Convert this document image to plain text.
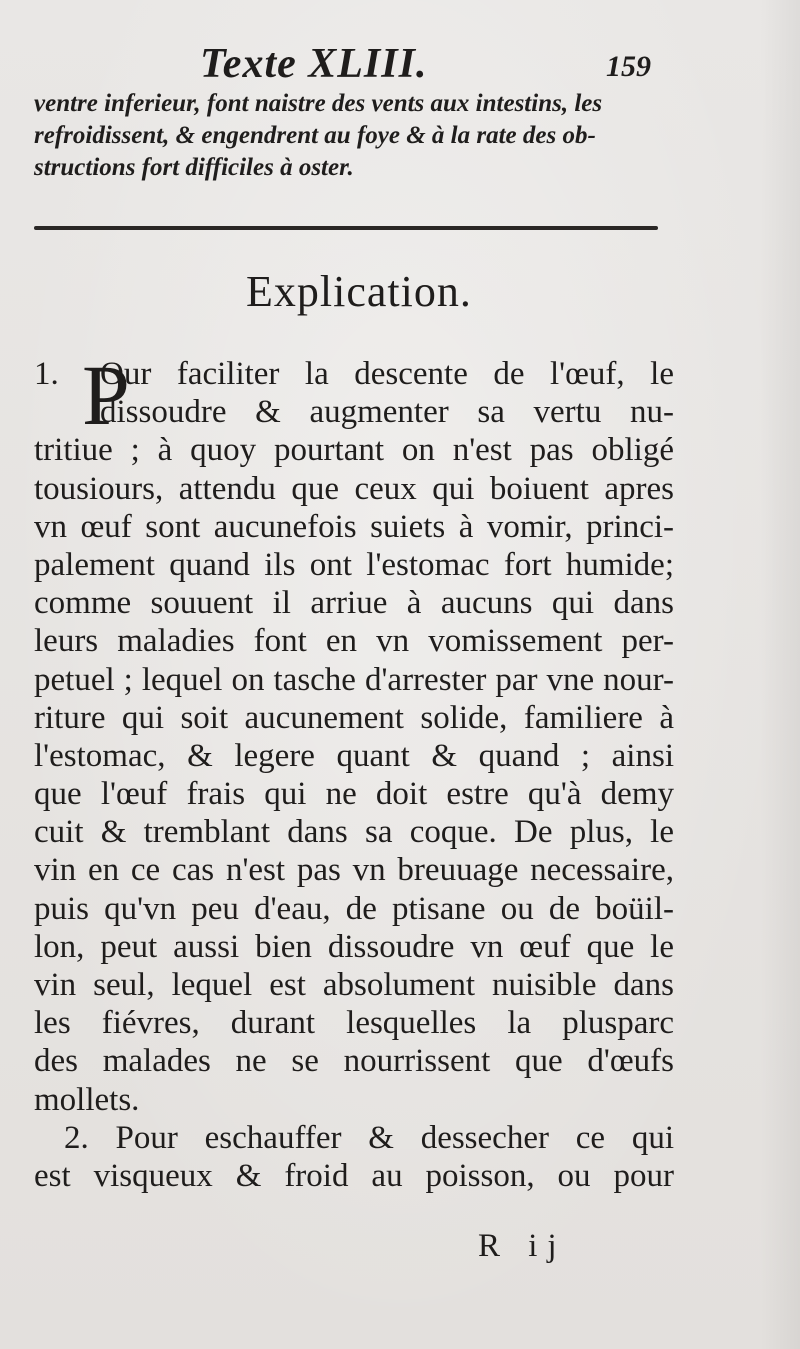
Texte XLIII.	159
ventre inferieur, font naistre des vents aux intestins, les
refroidissent, & engendrent au foye & à la rate des ob-
structions fort difficiles à oster.
Explication.
1. P
Our faciliter la descente de l'œuf, le
dissoudre & augmenter sa vertu nu-
tritiue ; à quoy pourtant on n'est pas obligé
tousiours, attendu que ceux qui boiuent apres
vn œuf sont aucunefois suiets à vomir, princi-
palement quand ils ont l'estomac fort humide;
comme souuent il arriue à aucuns qui dans
leurs maladies font en vn vomissement per-
petuel ; lequel on tasche d'arrester par vne nour-
riture qui soit aucunement solide, familiere à
l'estomac, & legere quant & quand ; ainsi
que l'œuf frais qui ne doit estre qu'à demy
cuit & tremblant dans sa coque. De plus, le
vin en ce cas n'est pas vn breuuage necessaire,
puis qu'vn peu d'eau, de ptisane ou de boüil-
lon, peut aussi bien dissoudre vn œuf que le
vin seul, lequel est absolument nuisible dans
les fiévres, durant lesquelles la plusparc
des malades ne se nourrissent que d'œufs
mollets.
2. Pour eschauffer & dessecher ce qui
est visqueux & froid au poisson, ou pour
R ij
